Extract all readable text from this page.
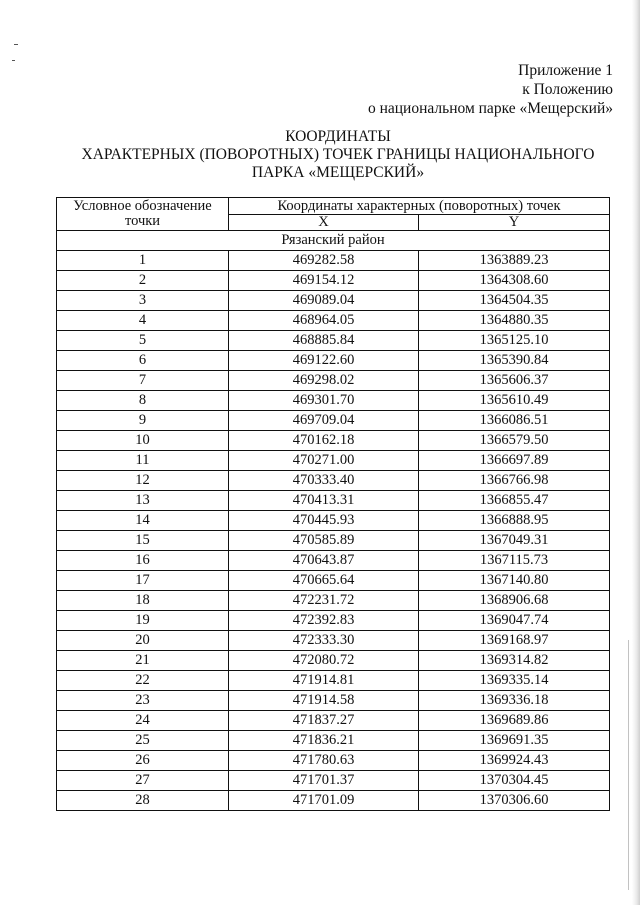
Приложение 1
к Положению
о национальном парке «Мещерский»
КООРДИНАТЫ
ХАРАКТЕРНЫХ (ПОВОРОТНЫХ) ТОЧЕК ГРАНИЦЫ НАЦИОНАЛЬНОГО
ПАРКА «МЕЩЕРСКИЙ»
Условное обозначение точки	Координаты характерных (поворотных) точек	
	X	Y
Рязанский район		
1	469282.58	1363889.23
2	469154.12	1364308.60
3	469089.04	1364504.35
4	468964.05	1364880.35
5	468885.84	1365125.10
6	469122.60	1365390.84
7	469298.02	1365606.37
8	469301.70	1365610.49
9	469709.04	1366086.51
10	470162.18	1366579.50
11	470271.00	1366697.89
12	470333.40	1366766.98
13	470413.31	1366855.47
14	470445.93	1366888.95
15	470585.89	1367049.31
16	470643.87	1367115.73
17	470665.64	1367140.80
18	472231.72	1368906.68
19	472392.83	1369047.74
20	472333.30	1369168.97
21	472080.72	1369314.82
22	471914.81	1369335.14
23	471914.58	1369336.18
24	471837.27	1369689.86
25	471836.21	1369691.35
26	471780.63	1369924.43
27	471701.37	1370304.45
28	471701.09	1370306.60
